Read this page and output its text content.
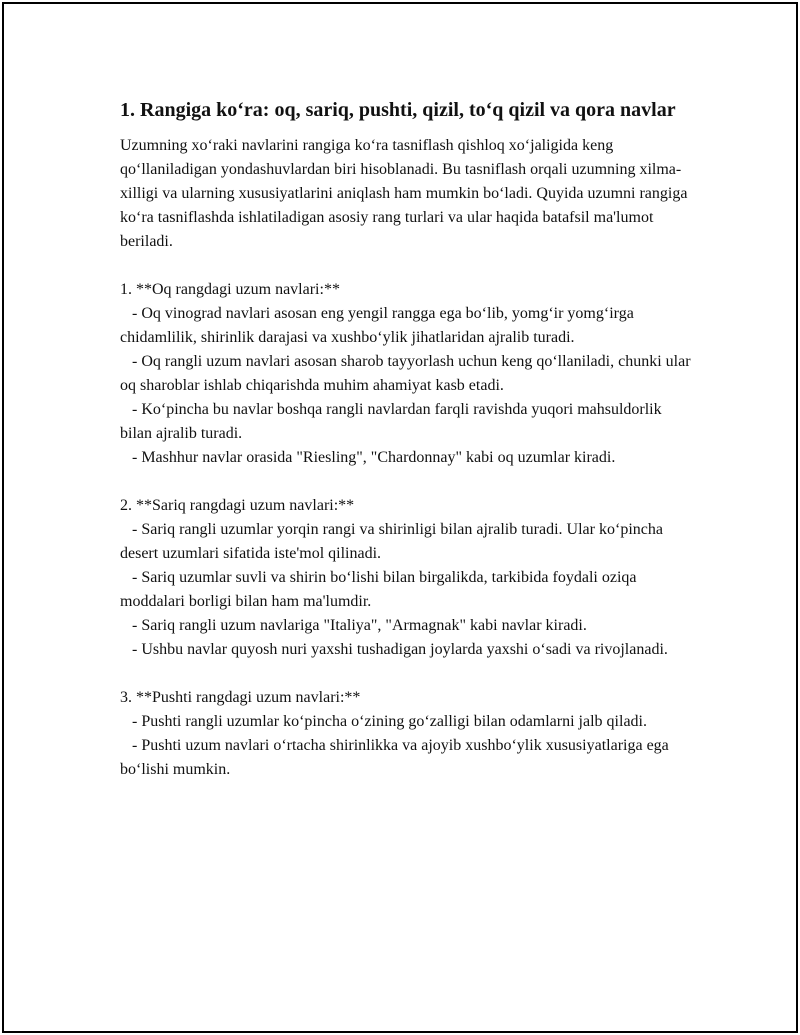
1. Rangiga koʻra: oq, sariq, pushti, qizil, toʻq qizil va qora navlar

Uzumning xoʻraki navlarini rangiga koʻra tasniflash qishloq xoʻjaligida keng qoʻllaniladigan yondashuvlardan biri hisoblanadi. Bu tasniflash orqali uzumning xilma-xilligi va ularning xususiyatlarini aniqlash ham mumkin boʻladi. Quyida uzumni rangiga koʻra tasniflashda ishlatiladigan asosiy rang turlari va ular haqida batafsil ma'lumot beriladi.

1. **Oq rangdagi uzum navlari:**
- Oq vinograd navlari asosan eng yengil rangga ega boʻlib, yomgʻir yomgʻirga chidamlilik, shirinlik darajasi va xushboʻylik jihatlaridan ajralib turadi.
- Oq rangli uzum navlari asosan sharob tayyorlash uchun keng qoʻllaniladi, chunki ular oq sharoblar ishlab chiqarishda muhim ahamiyat kasb etadi.
- Koʻpincha bu navlar boshqa rangli navlardan farqli ravishda yuqori mahsuldorlik bilan ajralib turadi.
- Mashhur navlar orasida "Riesling", "Chardonnay" kabi oq uzumlar kiradi.
2. **Sariq rangdagi uzum navlari:**
- Sariq rangli uzumlar yorqin rangi va shirinligi bilan ajralib turadi. Ular koʻpincha desert uzumlari sifatida iste'mol qilinadi.
- Sariq uzumlar suvli va shirin boʻlishi bilan birgalikda, tarkibida foydali oziqa moddalari borligi bilan ham ma'lumdir.
- Sariq rangli uzum navlariga "Italiya", "Armagnak" kabi navlar kiradi.
- Ushbu navlar quyosh nuri yaxshi tushadigan joylarda yaxshi oʻsadi va rivojlanadi.
3. **Pushti rangdagi uzum navlari:**
- Pushti rangli uzumlar koʻpincha oʻzining goʻzalligi bilan odamlarni jalb qiladi.
- Pushti uzum navlari oʻrtacha shirinlikka va ajoyib xushboʻylik xususiyatlariga ega boʻlishi mumkin.
